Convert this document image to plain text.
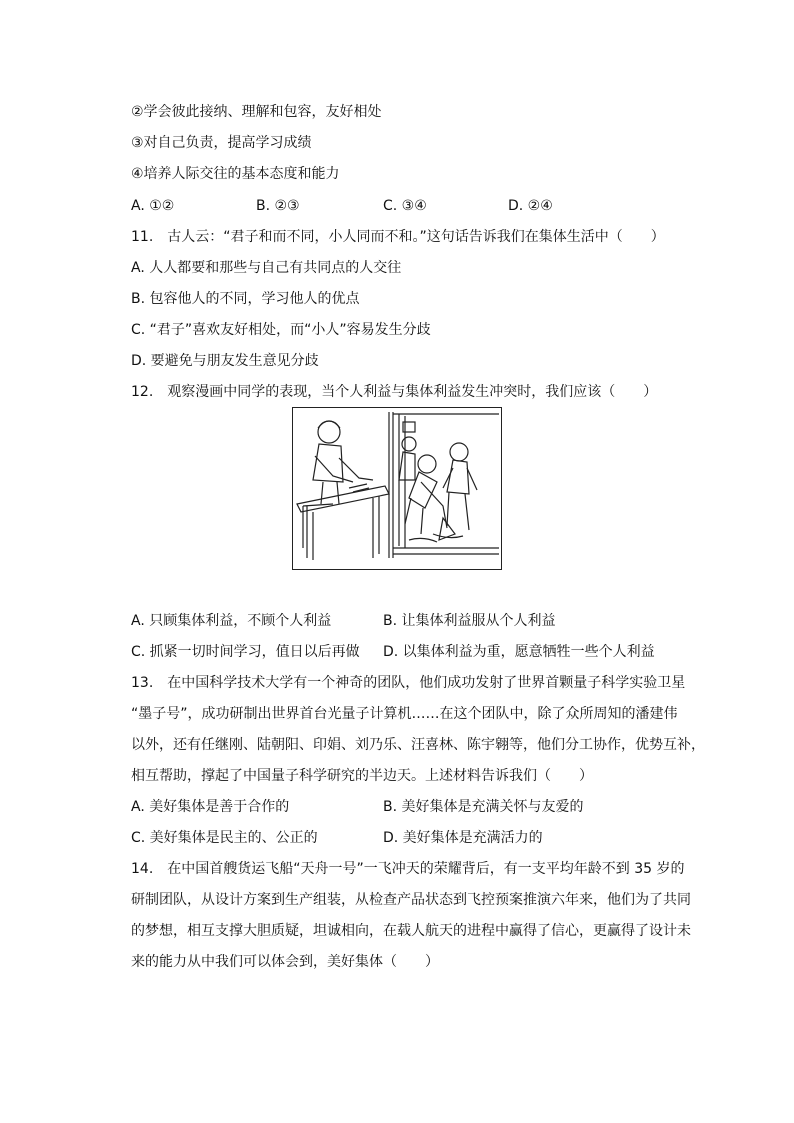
②学会彼此接纳、理解和包容，友好相处
③对自己负责，提高学习成绩
④培养人际交往的基本态度和能力
A. ①②	B. ②③	C. ③④	D. ②④
11.　古人云：“君子和而不同，小人同而不和。”这句话告诉我们在集体生活中（　　）
A. 人人都要和那些与自己有共同点的人交往
B. 包容他人的不同，学习他人的优点
C. “君子”喜欢友好相处，而“小人”容易发生分歧
D. 要避免与朋友发生意见分歧
12.　观察漫画中同学的表现，当个人利益与集体利益发生冲突时，我们应该（　　）
A. 只顾集体利益，不顾个人利益	B. 让集体利益服从个人利益
C. 抓紧一切时间学习，值日以后再做 D. 以集体利益为重，愿意牺牲一些个人利益
13.　在中国科学技术大学有一个神奇的团队，他们成功发射了世界首颗量子科学实验卫星
“墨子号”，成功研制出世界首台光量子计算机……在这个团队中，除了众所周知的潘建伟
以外，还有任继刚、陆朝阳、印娟、刘乃乐、汪喜林、陈宇翱等，他们分工协作，优势互补，
相互帮助，撑起了中国量子科学研究的半边天。上述材料告诉我们（　　）
A. 美好集体是善于合作的	B. 美好集体是充满关怀与友爱的
C. 美好集体是民主的、公正的	D. 美好集体是充满活力的
14.　在中国首艘货运飞船“天舟一号”一飞冲天的荣耀背后，有一支平均年龄不到 35 岁的
研制团队，从设计方案到生产组装，从检查产品状态到飞控预案推演六年来，他们为了共同
的梦想，相互支撑大胆质疑，坦诚相向，在载人航天的进程中赢得了信心，更赢得了设计未
来的能力从中我们可以体会到，美好集体（　　）
